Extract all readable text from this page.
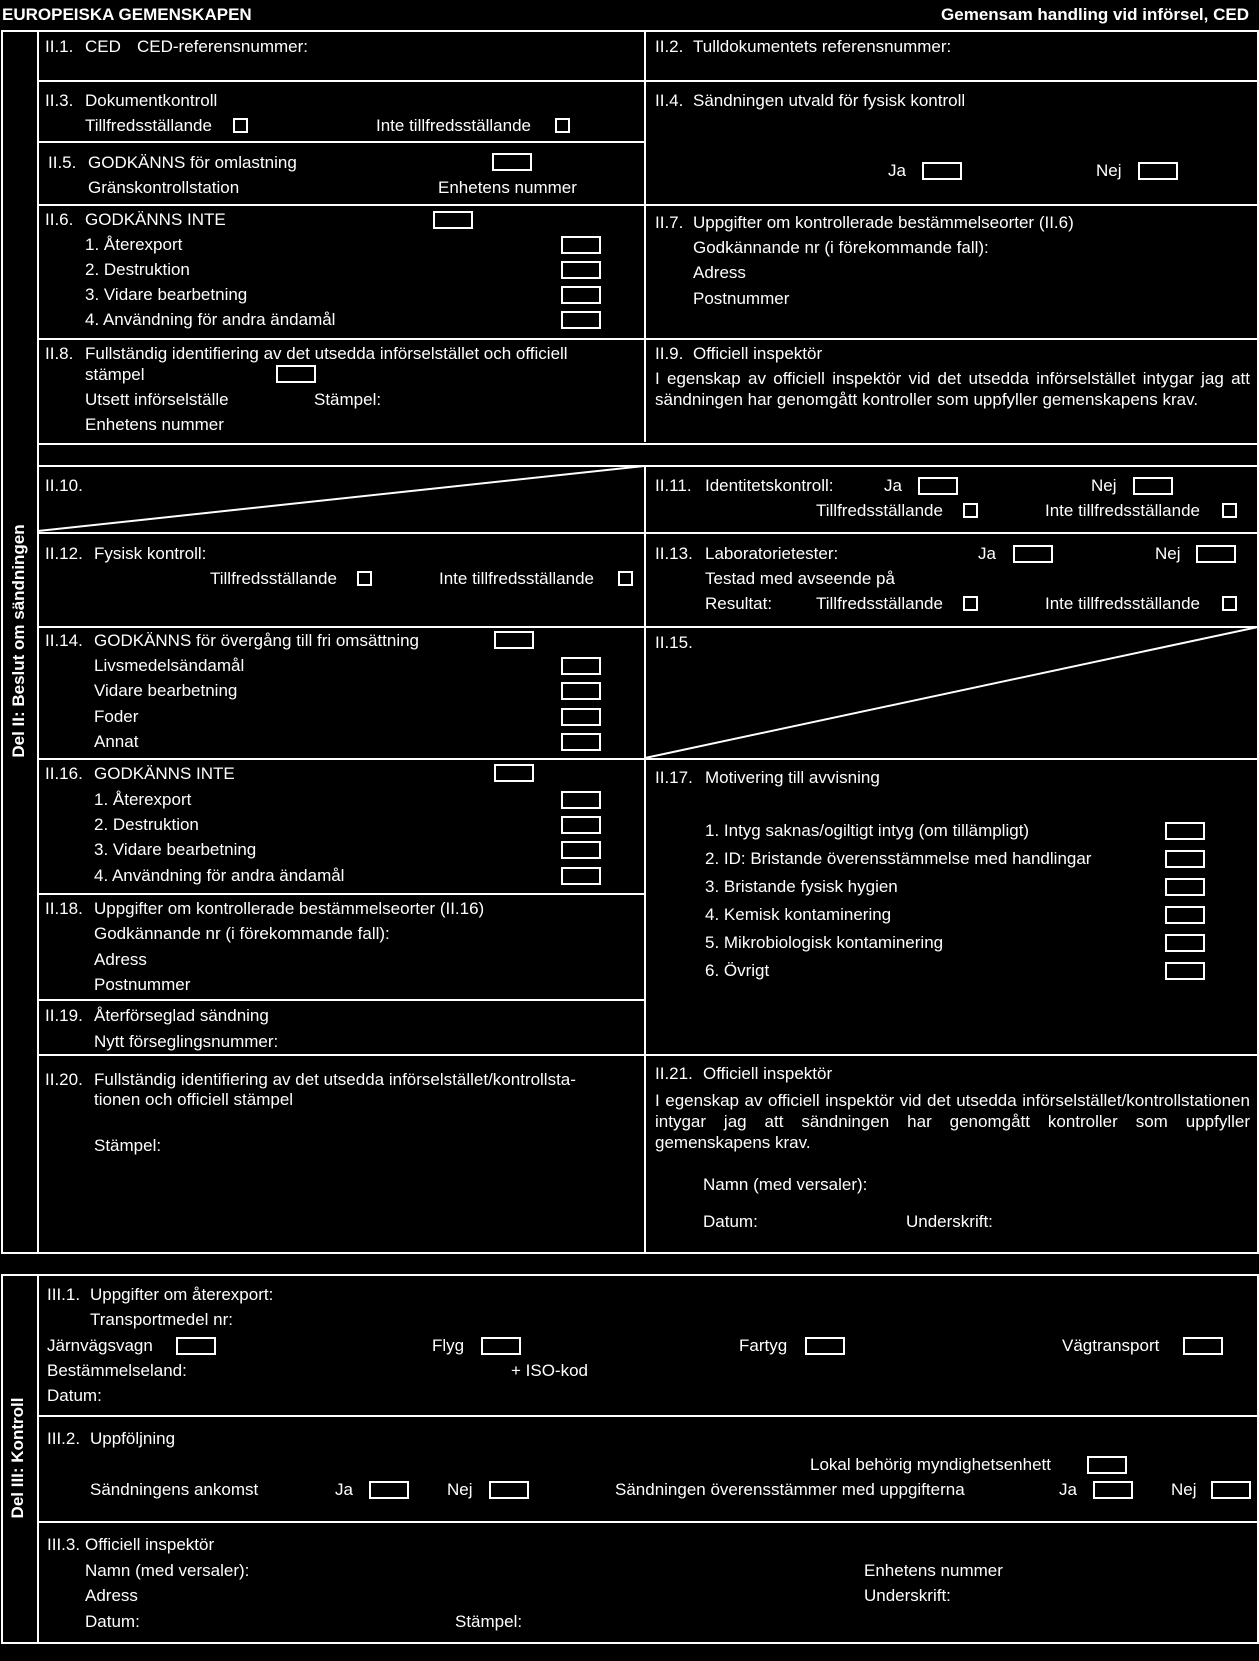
EUROPEISKA GEMENSKAPEN	Gemensam handling vid införsel, CED
Del II: Beslut om sändningen
II.1. CED CED-referensnummer:	II.2. Tulldokumentets referensnummer:
II.3. Dokumentkontroll
Tillfredsställande	Inte tillfredsställande
II.4. Sändningen utvald för fysisk kontroll
Ja	Nej
II.5. GODKÄNNS för omlastning
Gränskontrollstation	Enhetens nummer
II.6. GODKÄNNS INTE
1. Återexport
2. Destruktion
3. Vidare bearbetning
4. Användning för andra ändamål
II.7. Uppgifter om kontrollerade bestämmelseorter (II.6)
Godkännande nr (i förekommande fall):
Adress
Postnummer
II.8. Fullständig identifiering av det utsedda införselstället och officiell
stämpel
Utsett införselställe	Stämpel:
Enhetens nummer
II.9. Officiell inspektör
I egenskap av officiell inspektör vid det utsedda införselstället intygar jag att sändningen har genomgått kontroller som uppfyller gemenskapens krav.
II.10.	II.11. Identitetskontroll:	Ja	Nej
Tillfredsställande	Inte tillfredsställande
II.12. Fysisk kontroll:
Tillfredsställande	Inte tillfredsställande
II.13. Laboratorietester:	Ja	Nej
Testad med avseende på
Resultat:	Tillfredsställande	Inte tillfredsställande
II.14. GODKÄNNS för övergång till fri omsättning
Livsmedelsändamål
Vidare bearbetning
Foder
Annat
II.15.
II.16. GODKÄNNS INTE
1. Återexport
2. Destruktion
3. Vidare bearbetning
4. Användning för andra ändamål
II.17. Motivering till avvisning
1. Intyg saknas/ogiltigt intyg (om tillämpligt)
2. ID: Bristande överensstämmelse med handlingar
3. Bristande fysisk hygien
4. Kemisk kontaminering
5. Mikrobiologisk kontaminering
6. Övrigt
II.18. Uppgifter om kontrollerade bestämmelseorter (II.16)
Godkännande nr (i förekommande fall):
Adress
Postnummer
II.19. Återförseglad sändning
Nytt förseglingsnummer:
II.20. Fullständig identifiering av det utsedda införselstället/kontrollsta-
tionen och officiell stämpel
Stämpel:
II.21. Officiell inspektör
I egenskap av officiell inspektör vid det utsedda införselstället/kontrollstationen intygar jag att sändningen har genomgått kontroller som uppfyller gemenskapens krav.
Namn (med versaler):
Datum:	Underskrift:
Del III: Kontroll
III.1. Uppgifter om återexport:
Transportmedel nr:
Järnvägsvagn	Flyg	Fartyg	Vägtransport
Bestämmelseland:	+ ISO-kod
Datum:
III.2. Uppföljning
Lokal behörig myndighetsenhett
Sändningens ankomst	Ja	Nej	Sändningen överensstämmer med uppgifterna	Ja	Nej
III.3. Officiell inspektör
Namn (med versaler):	Enhetens nummer
Adress	Underskrift:
Datum:	Stämpel:
